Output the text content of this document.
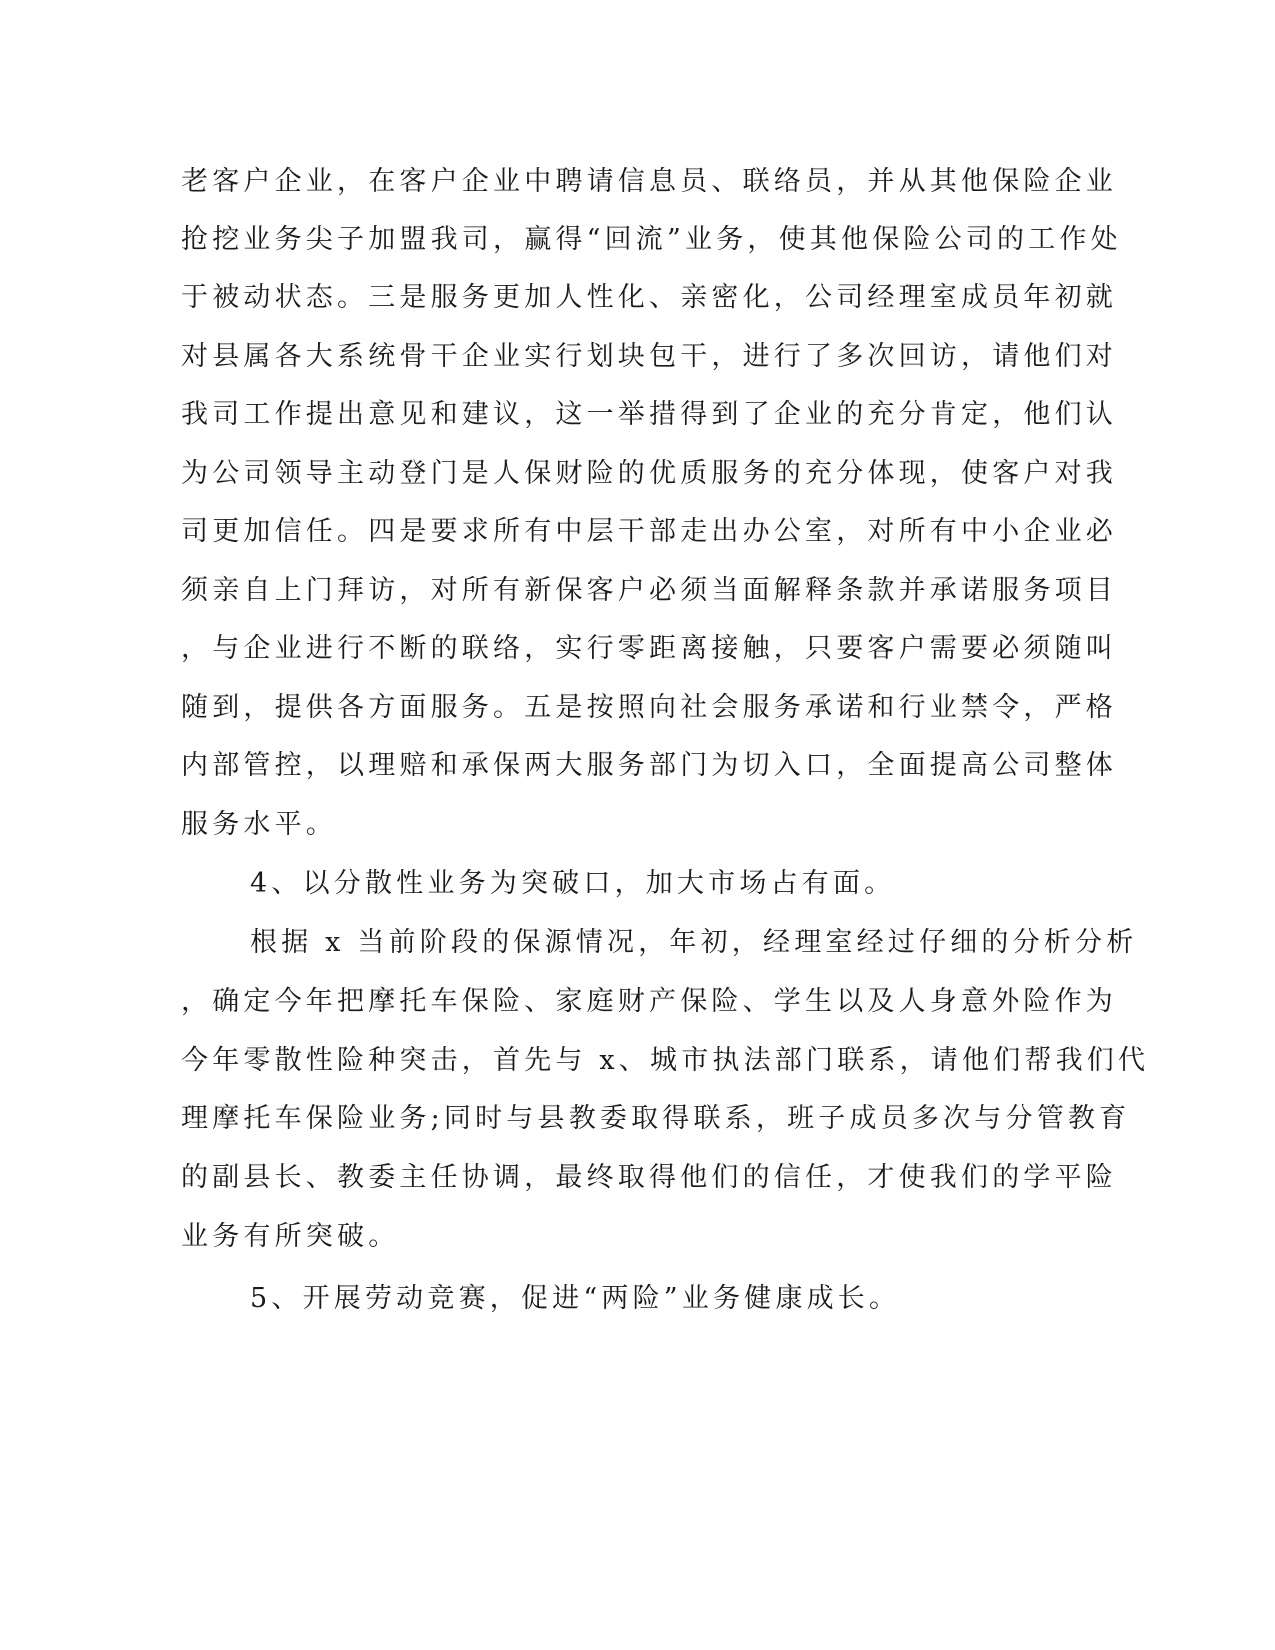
老客户企业，在客户企业中聘请信息员、联络员，并从其他保险企业
抢挖业务尖子加盟我司，赢得“回流”业务，使其他保险公司的工作处
于被动状态。三是服务更加人性化、亲密化，公司经理室成员年初就
对县属各大系统骨干企业实行划块包干，进行了多次回访，请他们对
我司工作提出意见和建议，这一举措得到了企业的充分肯定，他们认
为公司领导主动登门是人保财险的优质服务的充分体现，使客户对我
司更加信任。四是要求所有中层干部走出办公室，对所有中小企业必
须亲自上门拜访，对所有新保客户必须当面解释条款并承诺服务项目
，与企业进行不断的联络，实行零距离接触，只要客户需要必须随叫
随到，提供各方面服务。五是按照向社会服务承诺和行业禁令，严格
内部管控，以理赔和承保两大服务部门为切入口，全面提高公司整体
服务水平。
4、以分散性业务为突破口，加大市场占有面。
根据 x 当前阶段的保源情况，年初，经理室经过仔细的分析分析
，确定今年把摩托车保险、家庭财产保险、学生以及人身意外险作为
今年零散性险种突击，首先与 x、城市执法部门联系，请他们帮我们代
理摩托车保险业务;同时与县教委取得联系，班子成员多次与分管教育
的副县长、教委主任协调，最终取得他们的信任，才使我们的学平险
业务有所突破。
5、开展劳动竞赛，促进“两险”业务健康成长。
